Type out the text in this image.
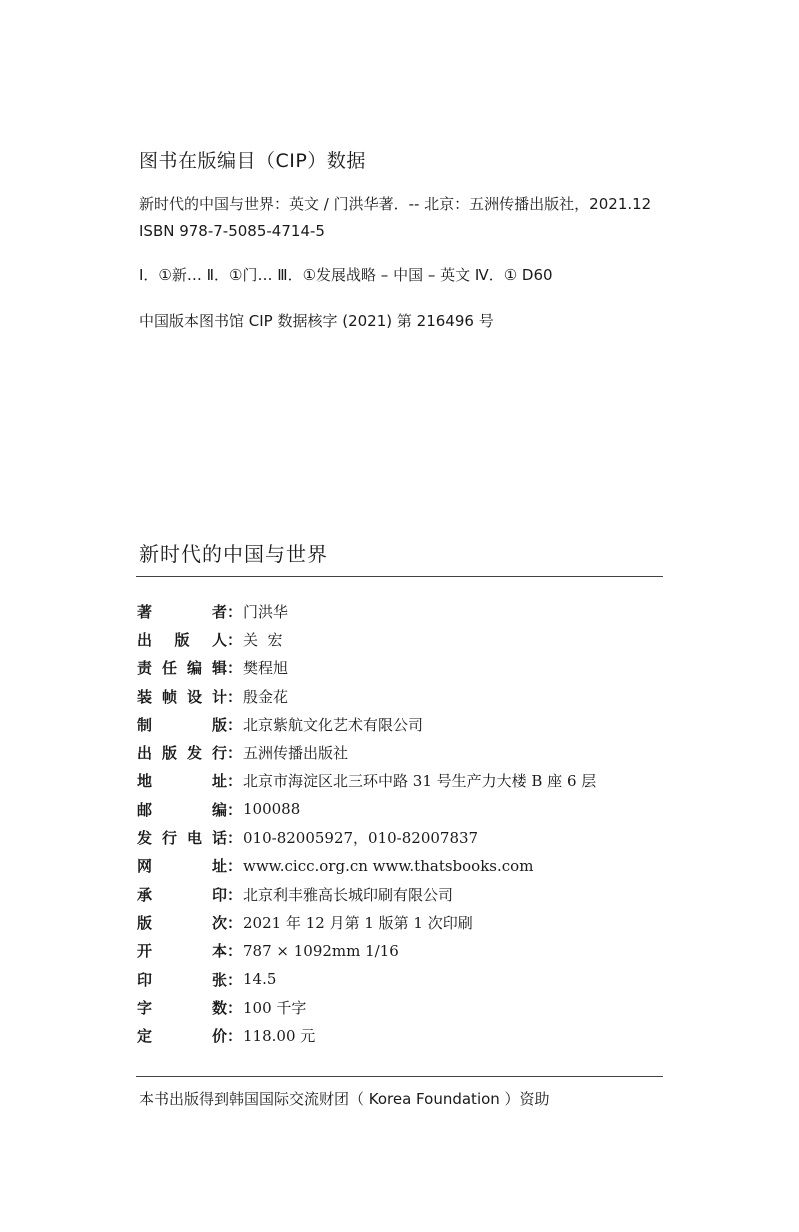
图书在版编目（CIP）数据
新时代的中国与世界：英文 / 门洪华著．-- 北京：五洲传播出版社，2021.12
ISBN 978-7-5085-4714-5
Ⅰ．①新… Ⅱ．①门… Ⅲ．①发展战略 – 中国 – 英文 Ⅳ．① D60
中国版本图书馆 CIP 数据核字 (2021) 第 216496 号
新时代的中国与世界
著	者 ： 门洪华
出 版 人 ： 关  宏
责 任 编 辑 ： 樊程旭
装 帧 设 计 ： 殷金花
制	版 ： 北京紫航文化艺术有限公司
出 版 发 行 ： 五洲传播出版社
地	址 ： 北京市海淀区北三环中路 31 号生产力大楼 B 座 6 层
邮	编 ： 100088
发 行 电 话 ： 010-82005927，010-82007837
网	址 ： www.cicc.org.cn www.thatsbooks.com
承	印 ： 北京利丰雅高长城印刷有限公司
版	次 ： 2021 年 12 月第 1 版第 1 次印刷
开	本 ： 787 × 1092mm 1/16
印	张 ： 14.5
字	数 ： 100 千字
定	价 ： 118.00 元
本书出版得到韩国国际交流财团（ Korea Foundation ）资助
